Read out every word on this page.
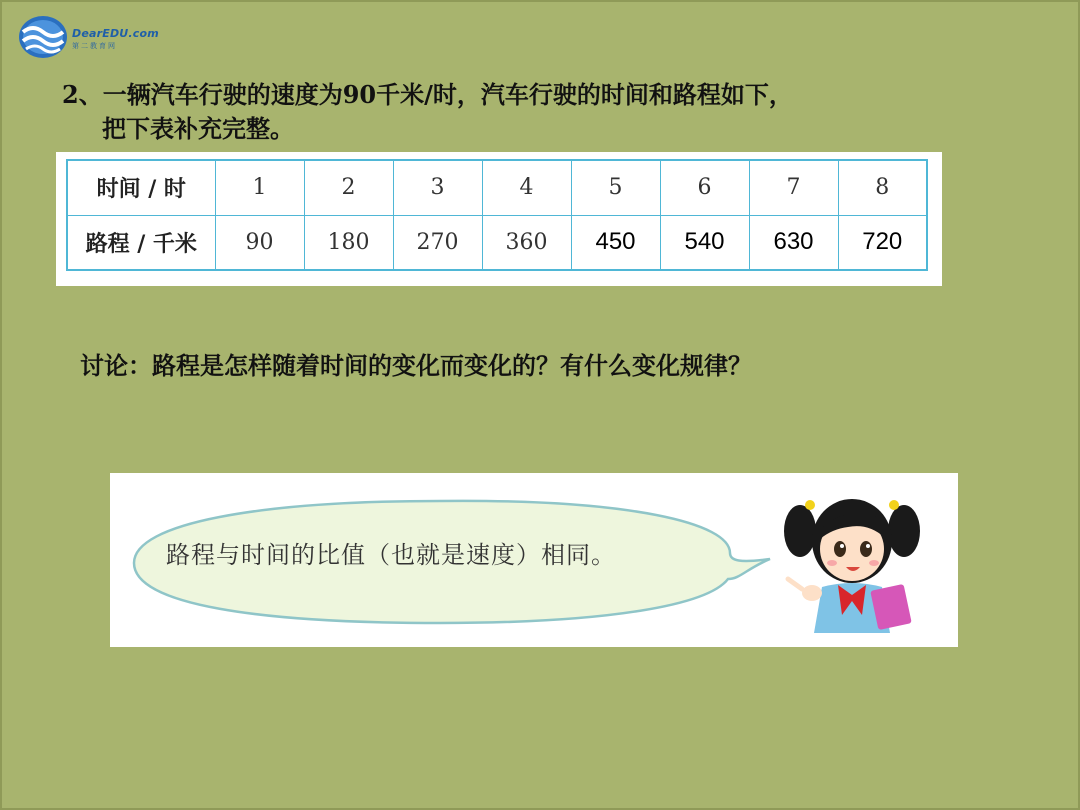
DearEDU.com
第二教育网
2、一辆汽车行驶的速度为90千米/时，汽车行驶的时间和路程如下，
把下表补充完整。
时间 / 时	1	2	3	4	5	6	7	8
路程 / 千米	90	180	270	360	450	540	630	720
讨论：路程是怎样随着时间的变化而变化的？有什么变化规律？
路程与时间的比值（也就是速度）相同。
